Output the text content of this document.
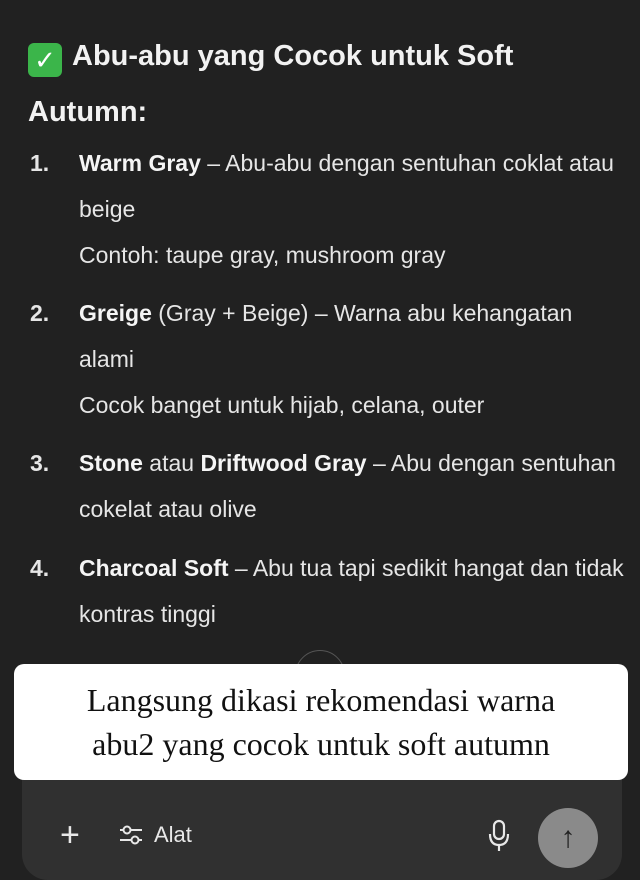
✓ Abu-abu yang Cocok untuk Soft Autumn:
1. Warm Gray – Abu-abu dengan sentuhan coklat atau beige
Contoh: taupe gray, mushroom gray
2. Greige (Gray + Beige) – Warna abu kehangatan alami
Cocok banget untuk hijab, celana, outer
3. Stone atau Driftwood Gray – Abu dengan sentuhan cokelat atau olive
4. Charcoal Soft – Abu tua tapi sedikit hangat dan tidak kontras tinggi
+	Alat	↑
Langsung dikasi rekomendasi warna
abu2 yang cocok untuk soft autumn
